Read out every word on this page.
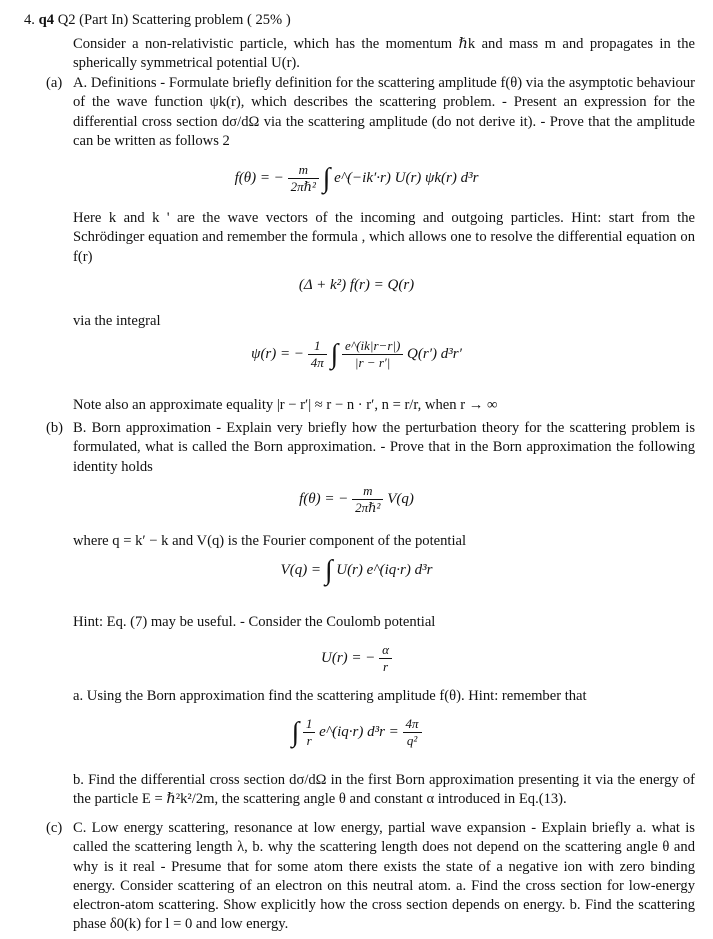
4. q4 Q2 (Part In) Scattering problem ( 25% )
Consider a non-relativistic particle, which has the momentum ℏk and mass m and propagates in the spherically symmetrical potential U(r).
(a) A. Definitions - Formulate briefly definition for the scattering amplitude f(θ) via the asymptotic behaviour of the wave function ψk(r), which describes the scattering problem. - Present an expression for the differential cross section dσ/dΩ via the scattering amplitude (do not derive it). - Prove that the amplitude can be written as follows 2
f(θ) = − $\frac{m}{\text{2πℏ²}}$ ∫ e^(−ik′·r) U(r) ψk(r) d³r
Here k and k ' are the wave vectors of the incoming and outgoing particles. Hint: start from the Schrödinger equation and remember the formula , which allows one to resolve the differential equation on f(r)
(Δ + k²) f(r) = Q(r)
via the integral
ψ(r) = − $\frac{1}{4\pi}$ ∫ $\frac{e\^{}(ik|r-r|)}{|r - r'|} Q(r')$ d³r′
Note also an approximate equality |r − r′| ≈ r − n · r′, n = r/r, when r → ∞
(b) B. Born approximation - Explain very briefly how the perturbation theory for the scattering problem is formulated, what is called the Born approximation. - Prove that in the Born approximation the following identity holds
f(θ) = − $\frac{m}{\text{2πℏ²}} V(q)$
where q = k′ − k and V(q) is the Fourier component of the potential
V(q) = ∫ U(r) e^(iq·r) d³r
Hint: Eq. (7) may be useful. - Consider the Coulomb potential
U(r) = − $\frac{\alpha}{r}$
a. Using the Born approximation find the scattering amplitude f(θ). Hint: remember that
∫ $\frac{1}{r}$ e^(iq·r) $d^3r = \frac{4\pi}{\text{q²}}$
b. Find the differential cross section dσ/dΩ in the first Born approximation presenting it via the energy of the particle E = ℏ²k²/2m, the scattering angle θ and constant α introduced in Eq.(13).
(c) C. Low energy scattering, resonance at low energy, partial wave expansion - Explain briefly a. what is called the scattering length λ, b. why the scattering length does not depend on the scattering angle θ and why is it real - Presume that for some atom there exists the state of a negative ion with zero binding energy. Consider scattering of an electron on this neutral atom. a. Find the cross section for low-energy electron-atom scattering. Show explicitly how the cross section depends on energy. b. Find the scattering phase δ0(k) for l = 0 and low energy.
